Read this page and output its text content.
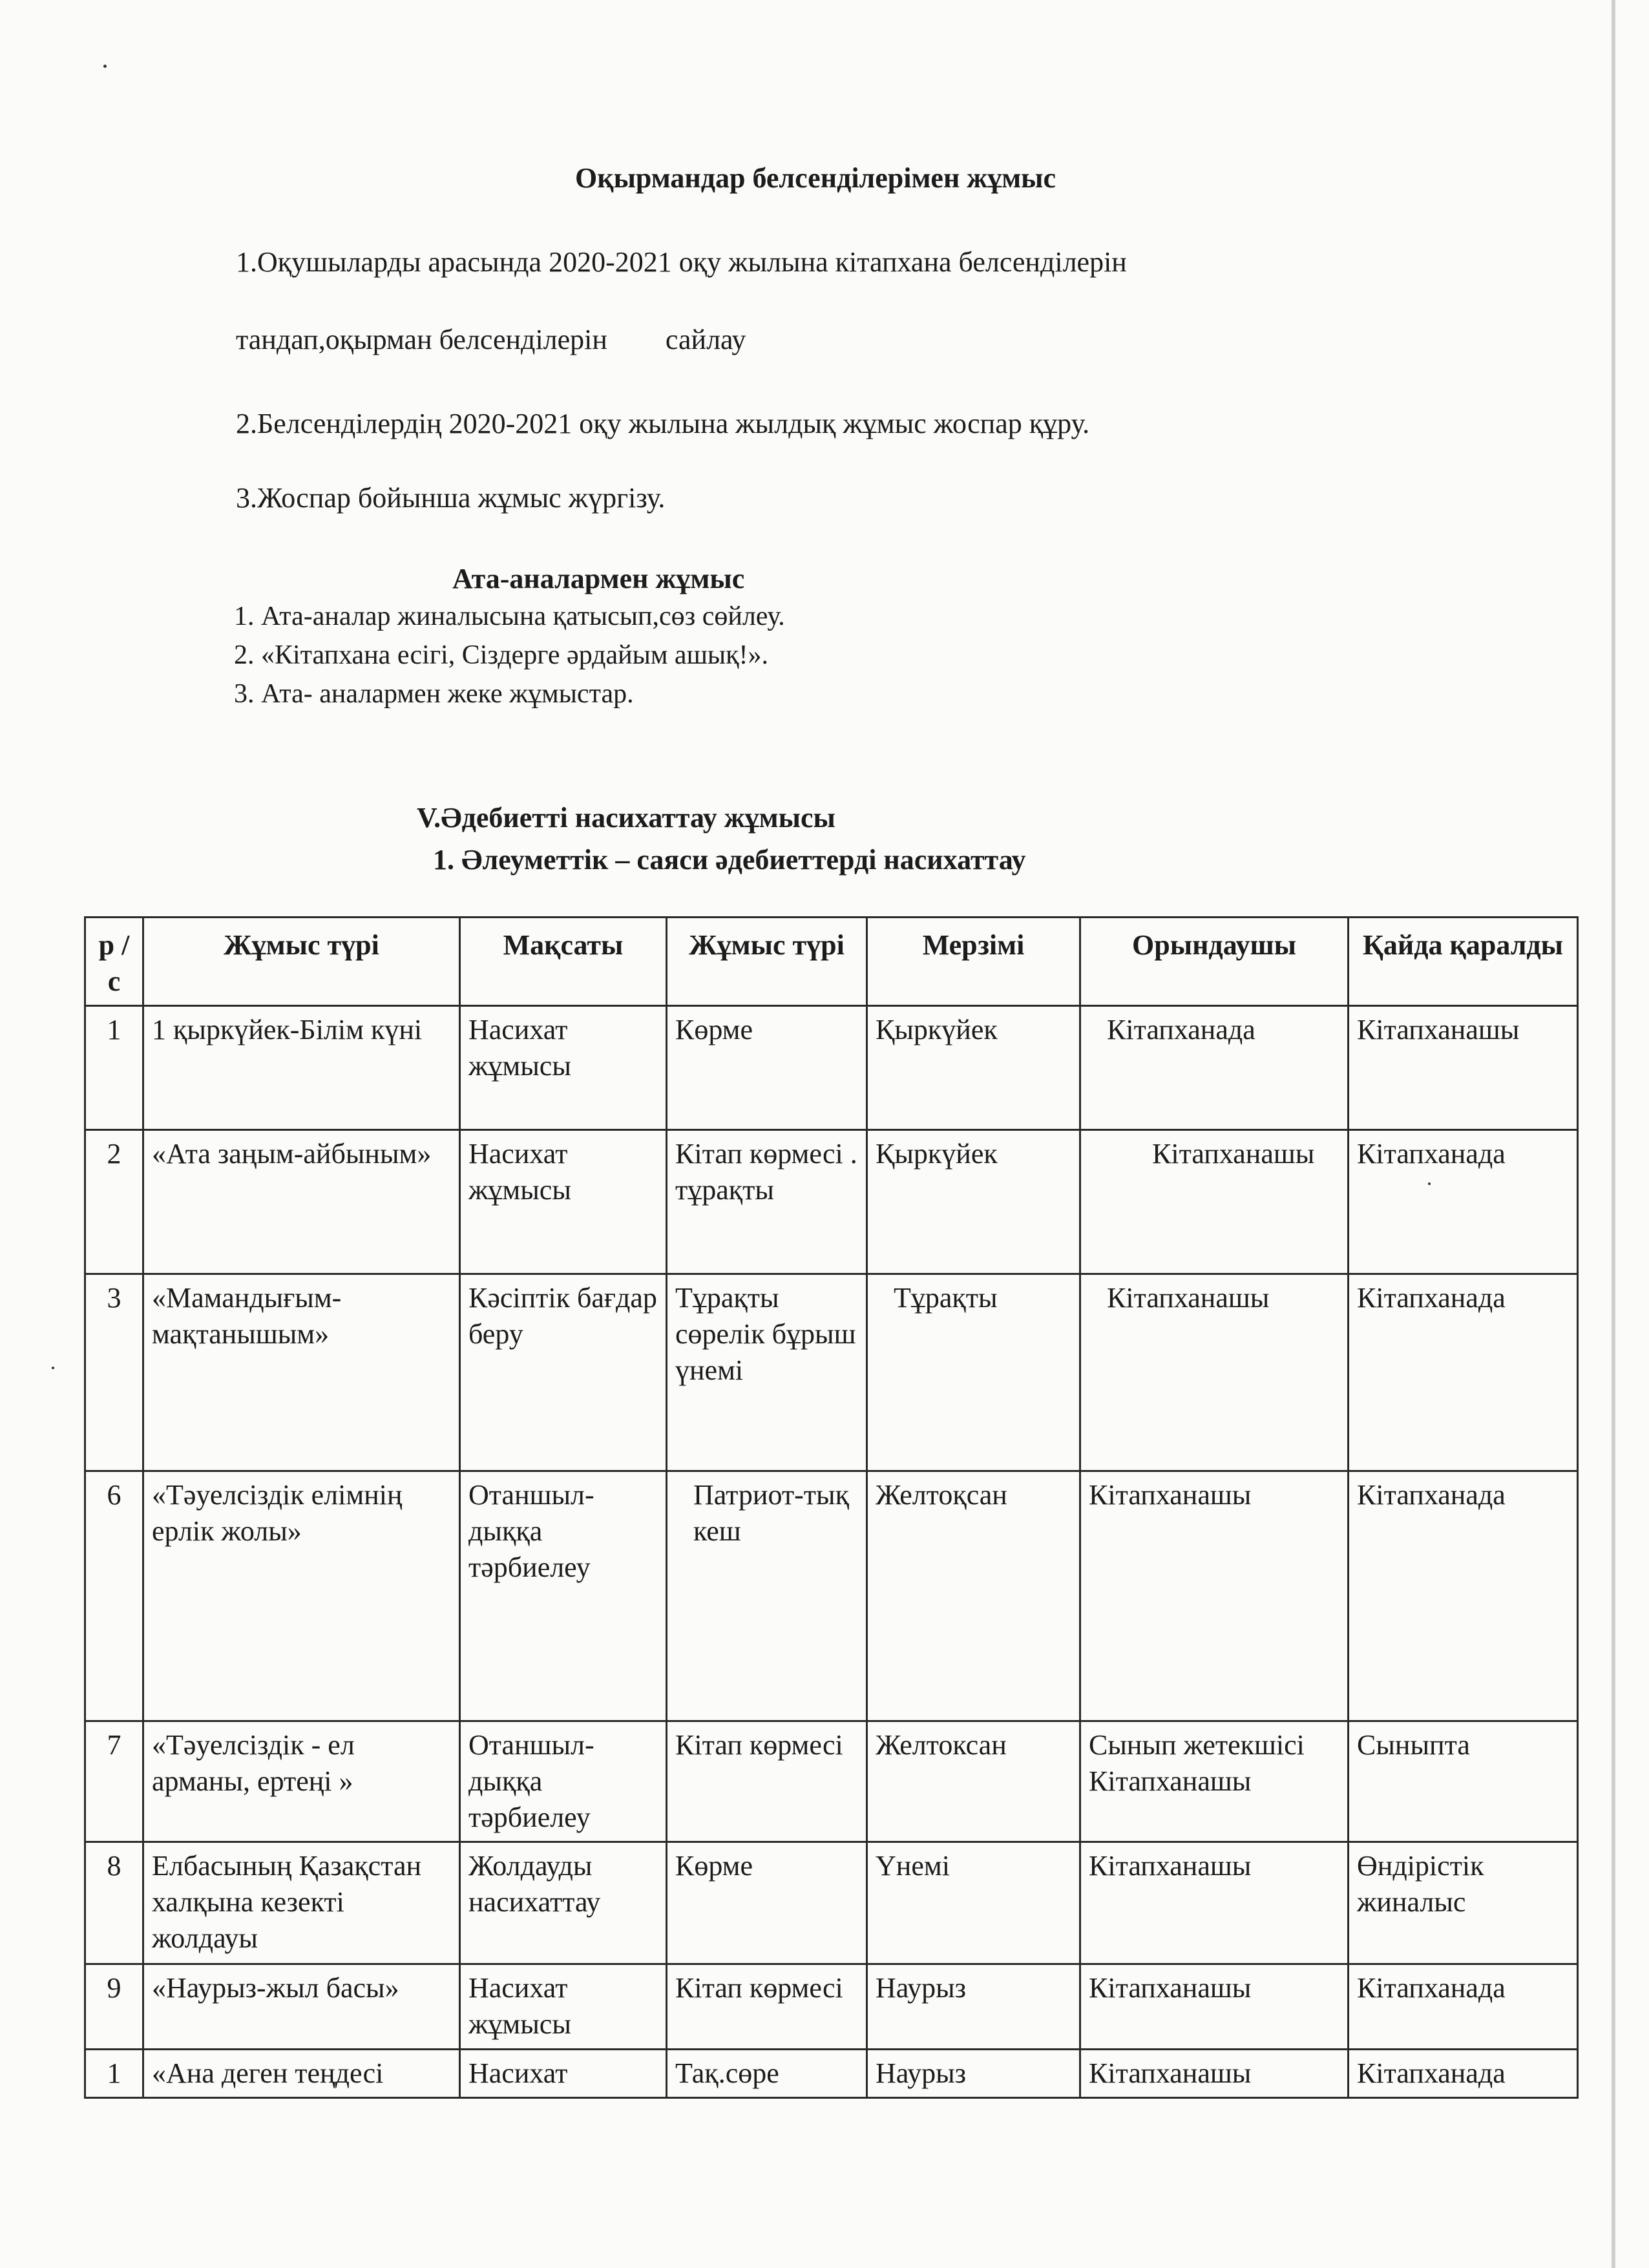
Оқырмандар белсенділерімен жұмыс
1.Оқушыларды арасында 2020-2021 оқу жылына кітапхана белсенділерін
тандап,оқырман белсенділерін сайлау
2.Белсенділердің 2020-2021 оқу жылына жылдық жұмыс жоспар құру.
3.Жоспар бойынша жұмыс жүргізу.
Ата-аналармен жұмыс
1. Ата-аналар жиналысына қатысып,сөз сөйлеу.
2. «Кітапхана есігі, Сіздерге әрдайым ашық!».
3. Ата- аналармен жеке жұмыстар.
V.Әдебиетті насихаттау жұмысы
1. Әлеуметтік – саяси әдебиеттерді насихаттау
р /с	Жұмыс түрі	Мақсаты	Жұмыс түрі	Мерзімі	Орындаушы	Қайда қаралды
1	1 қыркүйек-Білім күні	Насихат жұмысы	Көрме	Қыркүйек	Кітапханада	Кітапханашы
2	«Ата заңым-айбыным»	Насихат жұмысы	Кітап көрмесі . тұрақты	Қыркүйек	Кітапханашы	Кітапханада
3	«Мамандығым-мақтанышым»	Кәсіптік бағдар беру	Тұрақты сөрелік бұрыш үнемі	Тұрақты	Кітапханашы	Кітапханада
6	«Тәуелсіздік елімнің ерлік жолы»	Отаншыл-дыққа тәрбиелеу	Патриот-тық кеш	Желтоқсан	Кітапханашы	Кітапханада
7	«Тәуелсіздік - ел арманы, ертеңі »	Отаншыл-дыққа тәрбиелеу	Кітап көрмесі	Желтоксан	Сынып жетекшісі Кітапханашы	Сыныпта
8	Елбасының Қазақстан халқына кезекті жолдауы	Жолдауды насихаттау	Көрме	Үнемі	Кітапханашы	Өндірістік жиналыс
9	«Наурыз-жыл басы»	Насихат жұмысы	Кітап көрмесі	Наурыз	Кітапханашы	Кітапханада
1	«Ана деген теңдесі	Насихат	Тақ.сөре	Наурыз	Кітапханашы	Кітапханада
